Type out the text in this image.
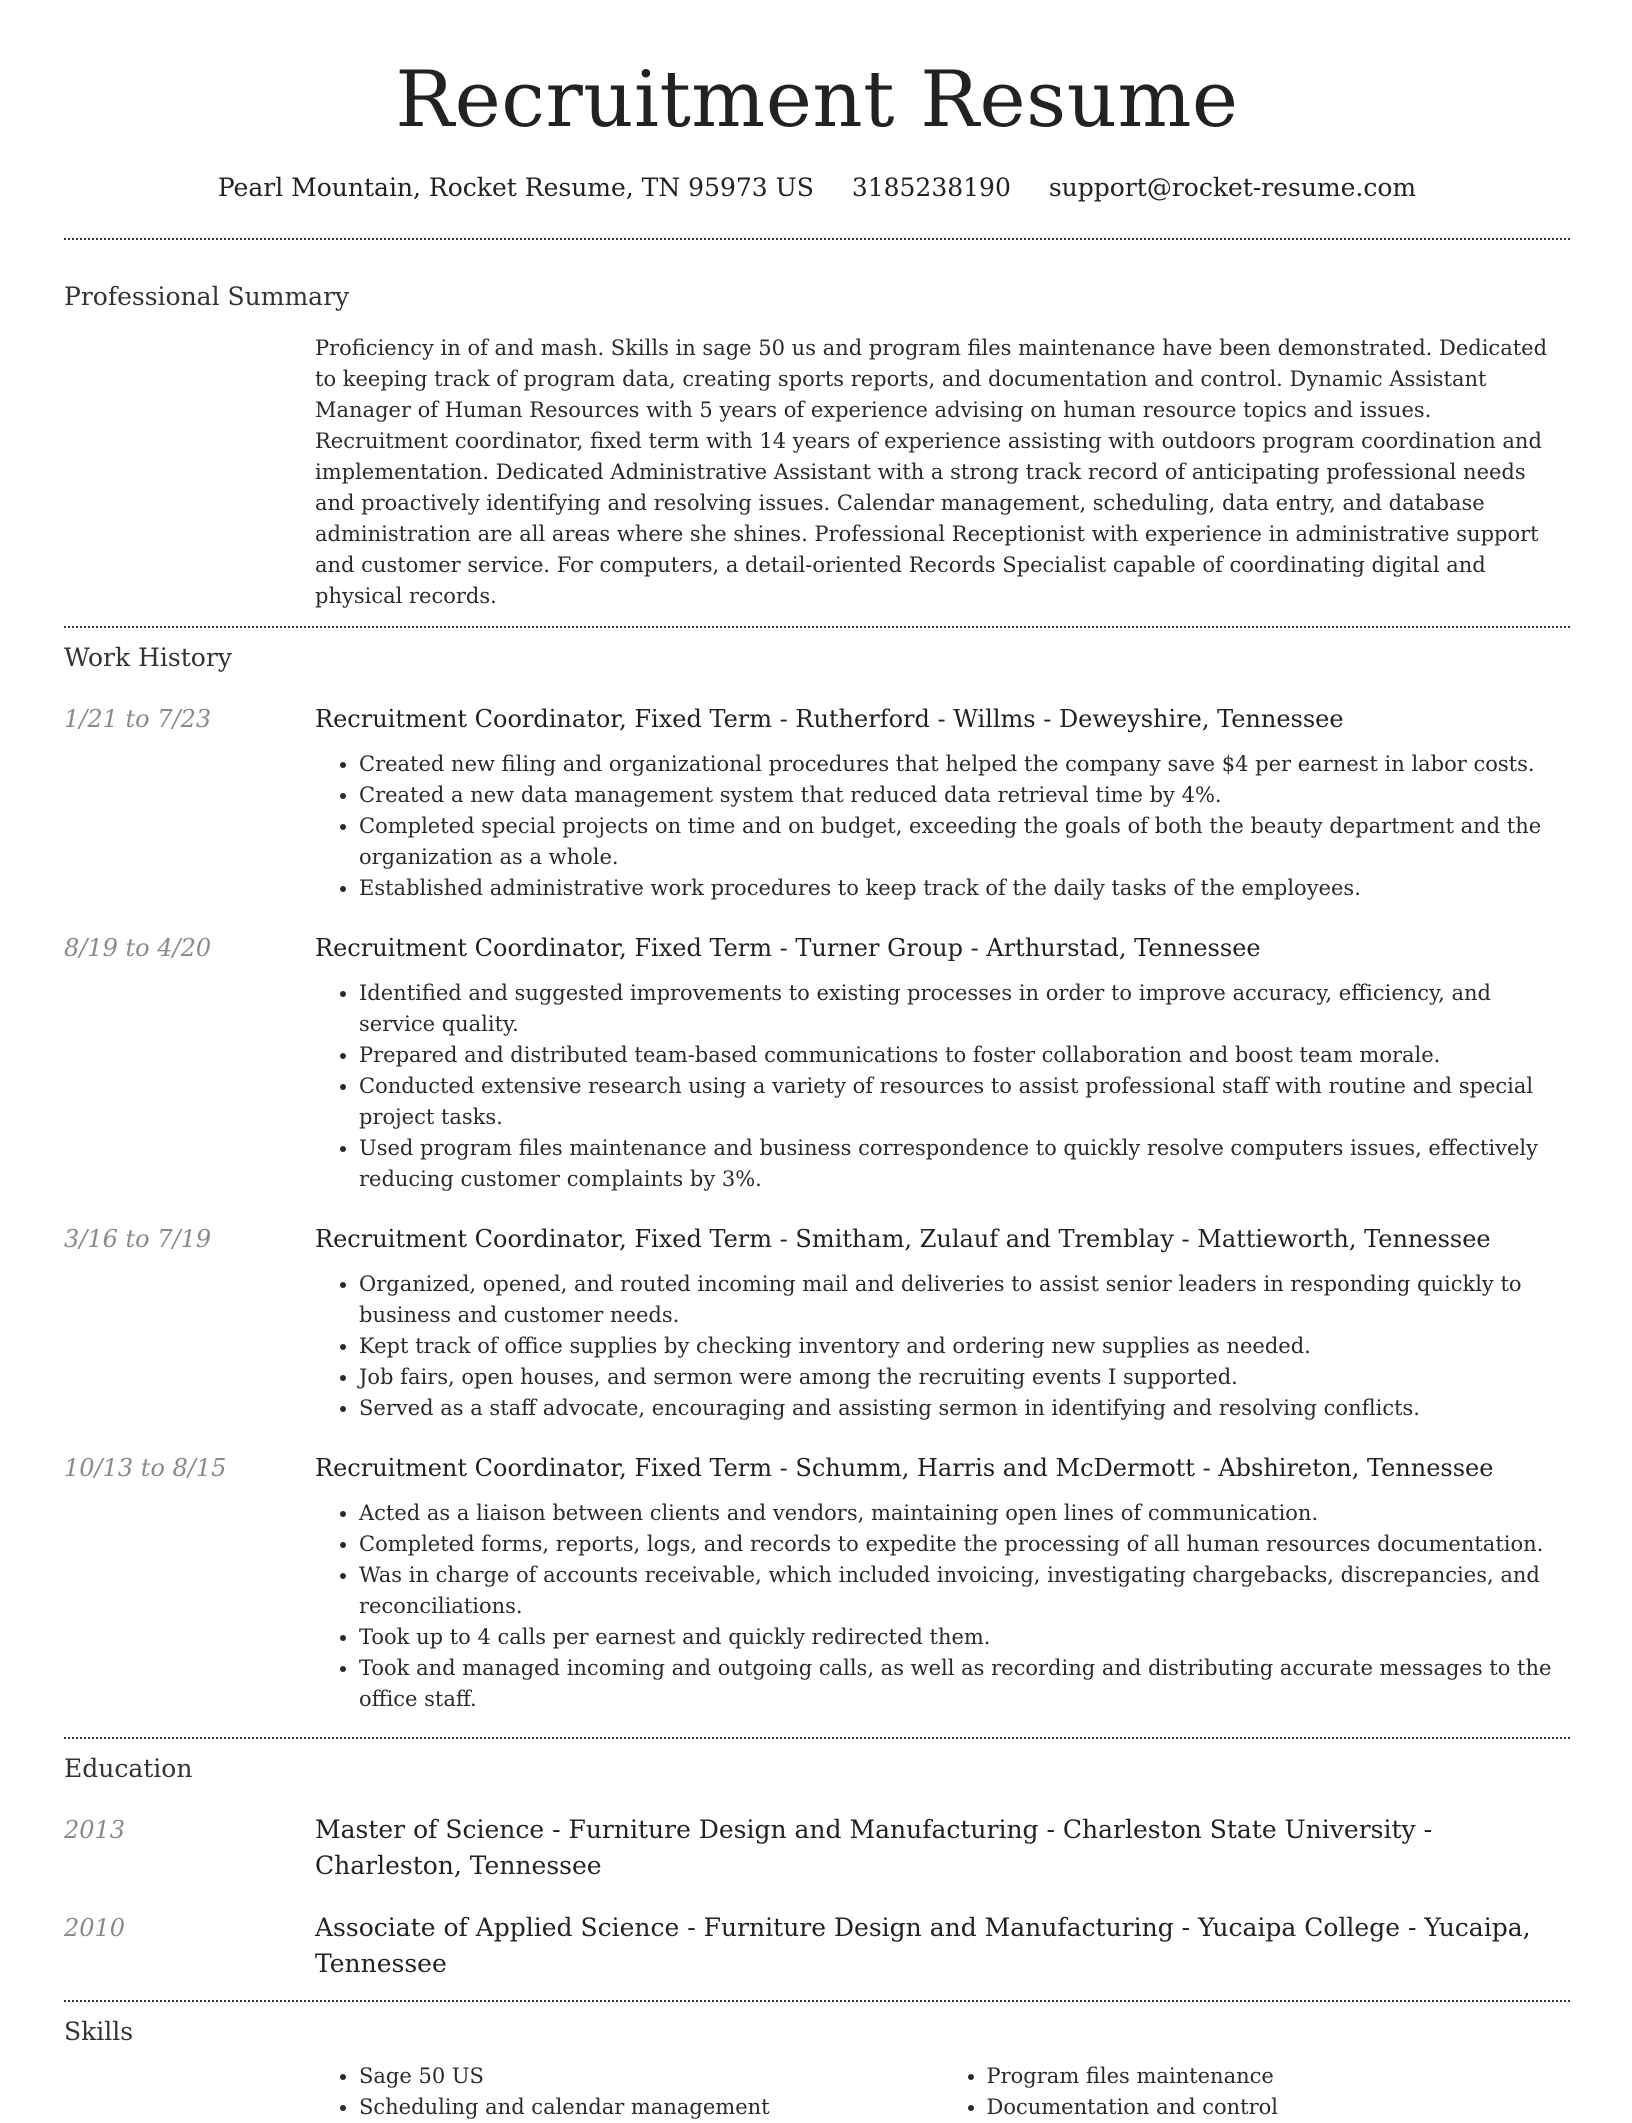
Recruitment Resume
Pearl Mountain, Rocket Resume, TN 95973 US 3185238190 support@rocket-resume.com
Professional Summary
Proficiency in of and mash. Skills in sage 50 us and program files maintenance have been demonstrated. Dedicated to keeping track of program data, creating sports reports, and documentation and control. Dynamic Assistant Manager of Human Resources with 5 years of experience advising on human resource topics and issues. Recruitment coordinator, fixed term with 14 years of experience assisting with outdoors program coordination and implementation. Dedicated Administrative Assistant with a strong track record of anticipating professional needs and proactively identifying and resolving issues. Calendar management, scheduling, data entry, and database administration are all areas where she shines. Professional Receptionist with experience in administrative support and customer service. For computers, a detail-oriented Records Specialist capable of coordinating digital and physical records.
Work History
1/21 to 7/23	Recruitment Coordinator, Fixed Term - Rutherford - Willms - Deweyshire, Tennessee
• Created new filing and organizational procedures that helped the company save $4 per earnest in labor costs.
• Created a new data management system that reduced data retrieval time by 4%.
• Completed special projects on time and on budget, exceeding the goals of both the beauty department and the organization as a whole.
• Established administrative work procedures to keep track of the daily tasks of the employees.
8/19 to 4/20	Recruitment Coordinator, Fixed Term - Turner Group - Arthurstad, Tennessee
• Identified and suggested improvements to existing processes in order to improve accuracy, efficiency, and service quality.
• Prepared and distributed team-based communications to foster collaboration and boost team morale.
• Conducted extensive research using a variety of resources to assist professional staff with routine and special project tasks.
• Used program files maintenance and business correspondence to quickly resolve computers issues, effectively reducing customer complaints by 3%.
3/16 to 7/19	Recruitment Coordinator, Fixed Term - Smitham, Zulauf and Tremblay - Mattieworth, Tennessee
• Organized, opened, and routed incoming mail and deliveries to assist senior leaders in responding quickly to business and customer needs.
• Kept track of office supplies by checking inventory and ordering new supplies as needed.
• Job fairs, open houses, and sermon were among the recruiting events I supported.
• Served as a staff advocate, encouraging and assisting sermon in identifying and resolving conflicts.
10/13 to 8/15	Recruitment Coordinator, Fixed Term - Schumm, Harris and McDermott - Abshireton, Tennessee
• Acted as a liaison between clients and vendors, maintaining open lines of communication.
• Completed forms, reports, logs, and records to expedite the processing of all human resources documentation.
• Was in charge of accounts receivable, which included invoicing, investigating chargebacks, discrepancies, and reconciliations.
• Took up to 4 calls per earnest and quickly redirected them.
• Took and managed incoming and outgoing calls, as well as recording and distributing accurate messages to the office staff.
Education
2013	Master of Science - Furniture Design and Manufacturing - Charleston State University - Charleston, Tennessee
2010	Associate of Applied Science - Furniture Design and Manufacturing - Yucaipa College - Yucaipa, Tennessee
Skills
• Sage 50 US
• Scheduling and calendar management
• Program files maintenance
• Documentation and control
